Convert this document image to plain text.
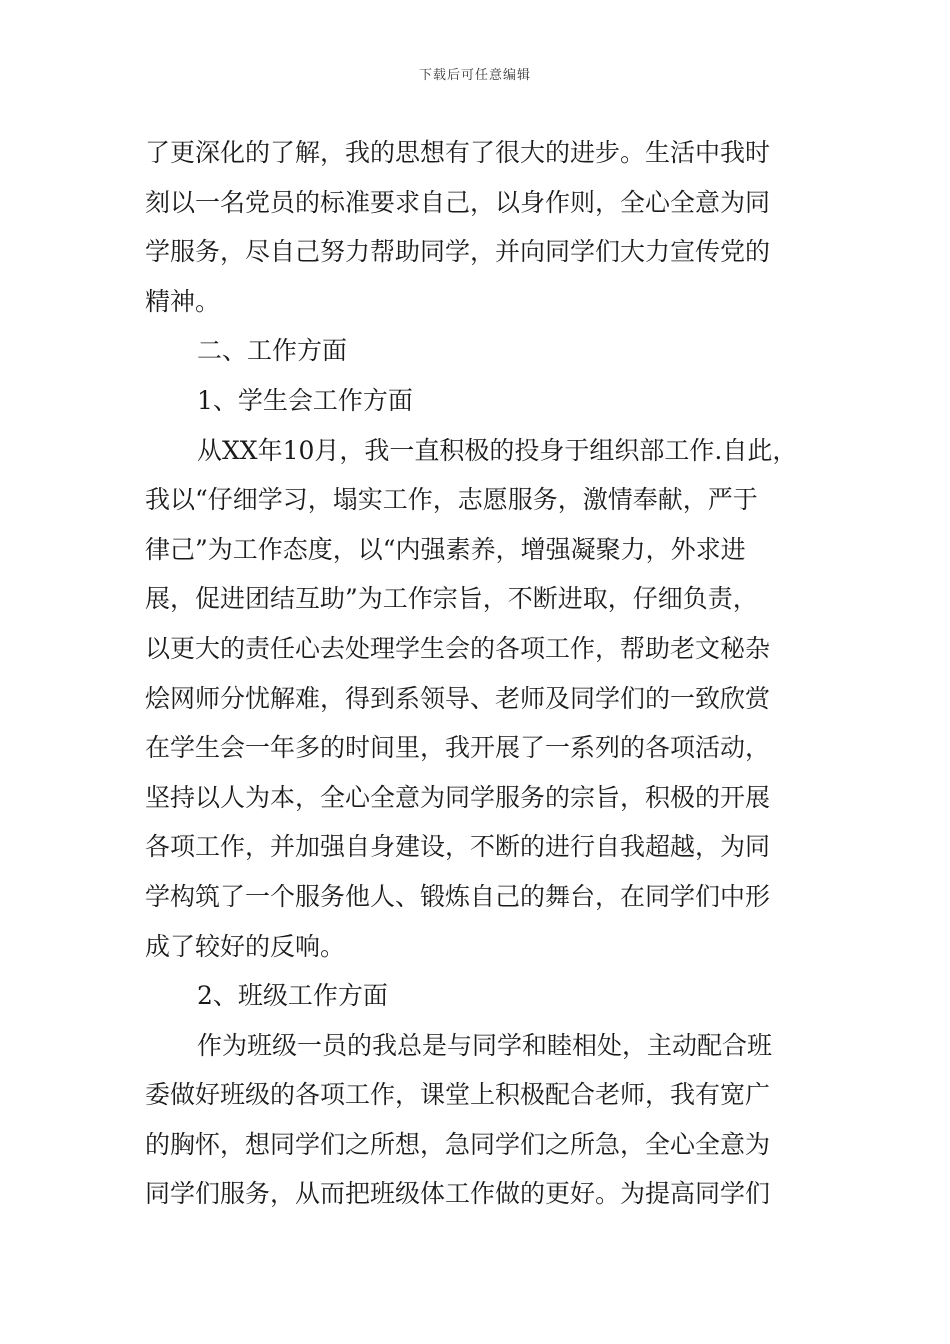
下载后可任意编辑
了更深化的了解，我的思想有了很大的进步。生活中我时
刻以一名党员的标准要求自己，以身作则，全心全意为同
学服务，尽自己努力帮助同学，并向同学们大力宣传党的
精神。
二、工作方面
1、学生会工作方面
从XX年10月，我一直积极的投身于组织部工作.自此，
我以“仔细学习，塌实工作，志愿服务，激情奉献，严于
律己”为工作态度，以“内强素养，增强凝聚力，外求进
展，促进团结互助”为工作宗旨，不断进取，仔细负责，
以更大的责任心去处理学生会的各项工作，帮助老文秘杂
烩网师分忧解难，得到系领导、老师及同学们的一致欣赏
在学生会一年多的时间里，我开展了一系列的各项活动，
坚持以人为本，全心全意为同学服务的宗旨，积极的开展
各项工作，并加强自身建设，不断的进行自我超越，为同
学构筑了一个服务他人、锻炼自己的舞台，在同学们中形
成了较好的反响。
2、班级工作方面
作为班级一员的我总是与同学和睦相处，主动配合班
委做好班级的各项工作，课堂上积极配合老师，我有宽广
的胸怀，想同学们之所想，急同学们之所急，全心全意为
同学们服务，从而把班级体工作做的更好。为提高同学们
